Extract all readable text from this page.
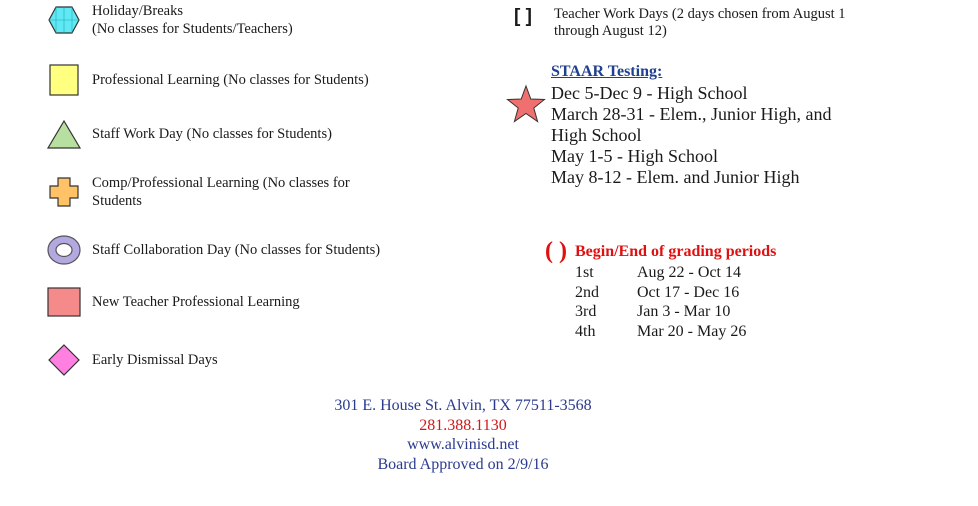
Holiday/Breaks
(No classes for Students/Teachers)
Professional Learning (No classes for Students)
Staff Work Day (No classes for Students)
Comp/Professional Learning (No classes for
Students
Staff Collaboration Day (No classes for Students)
New Teacher Professional Learning
Early Dismissal Days
[ ]	Teacher Work Days (2 days chosen from August 1
through August 12)
STAAR Testing:
Dec 5-Dec 9 - High School
March 28-31 - Elem., Junior High, and
High School
May 1-5 - High School
May 8-12 - Elem. and Junior High
( ) Begin/End of grading periods
1st	Aug 22 - Oct 14
2nd	Oct 17 - Dec 16
3rd	Jan 3 - Mar 10
4th	Mar 20 - May 26
301 E. House St. Alvin, TX 77511-3568
281.388.1130
www.alvinisd.net
Board Approved on 2/9/16
